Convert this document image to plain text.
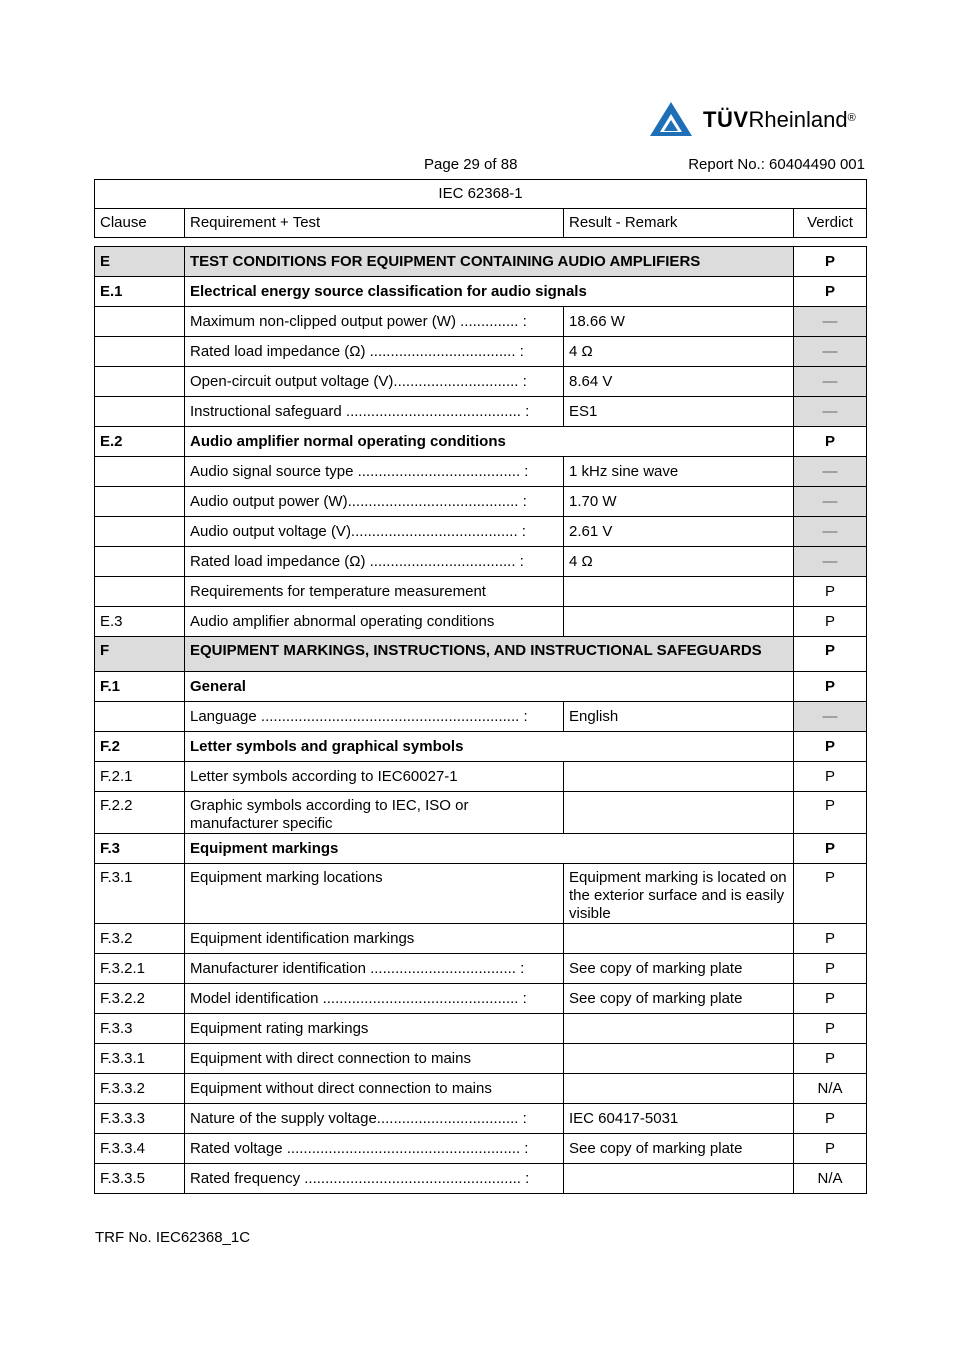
TÜVRheinland®
Page 29 of 88	Report No.: 60404490 001
IEC 62368-1
Clause	Requirement + Test	Result - Remark	Verdict
E	TEST CONDITIONS FOR EQUIPMENT CONTAINING AUDIO AMPLIFIERS		P
E.1	Electrical energy source classification for audio signals		P
	Maximum non-clipped output power (W) .............. :	18.66 W	—
	Rated load impedance (Ω) ................................... :	4 Ω	—
	Open-circuit output voltage (V).............................. :	8.64 V	—
	Instructional safeguard .......................................... :	ES1	—
E.2	Audio amplifier normal operating conditions		P
	Audio signal source type ....................................... :	1 kHz sine wave	—
	Audio output power (W)......................................... :	1.70 W	—
	Audio output voltage (V)........................................ :	2.61 V	—
	Rated load impedance (Ω) ................................... :	4 Ω	—
	Requirements for temperature measurement		P
E.3	Audio amplifier abnormal operating conditions		P
F	EQUIPMENT MARKINGS, INSTRUCTIONS, AND INSTRUCTIONAL SAFEGUARDS		P
F.1	General		P
	Language .............................................................. :	English	—
F.2	Letter symbols and graphical symbols		P
F.2.1	Letter symbols according to IEC60027-1		P
F.2.2	Graphic symbols according to IEC, ISO or manufacturer specific		P
F.3	Equipment markings		P
F.3.1	Equipment marking locations	Equipment marking is located on the exterior surface and is easily visible	P
F.3.2	Equipment identification markings		P
F.3.2.1	Manufacturer identification ................................... :	See copy of marking plate	P
F.3.2.2	Model identification ............................................... :	See copy of marking plate	P
F.3.3	Equipment rating markings		P
F.3.3.1	Equipment with direct connection to mains		P
F.3.3.2	Equipment without direct connection to mains		N/A
F.3.3.3	Nature of the supply voltage.................................. :	IEC 60417-5031	P
F.3.3.4	Rated voltage ........................................................ :	See copy of marking plate	P
F.3.3.5	Rated frequency .................................................... :		N/A
TRF No. IEC62368_1C
